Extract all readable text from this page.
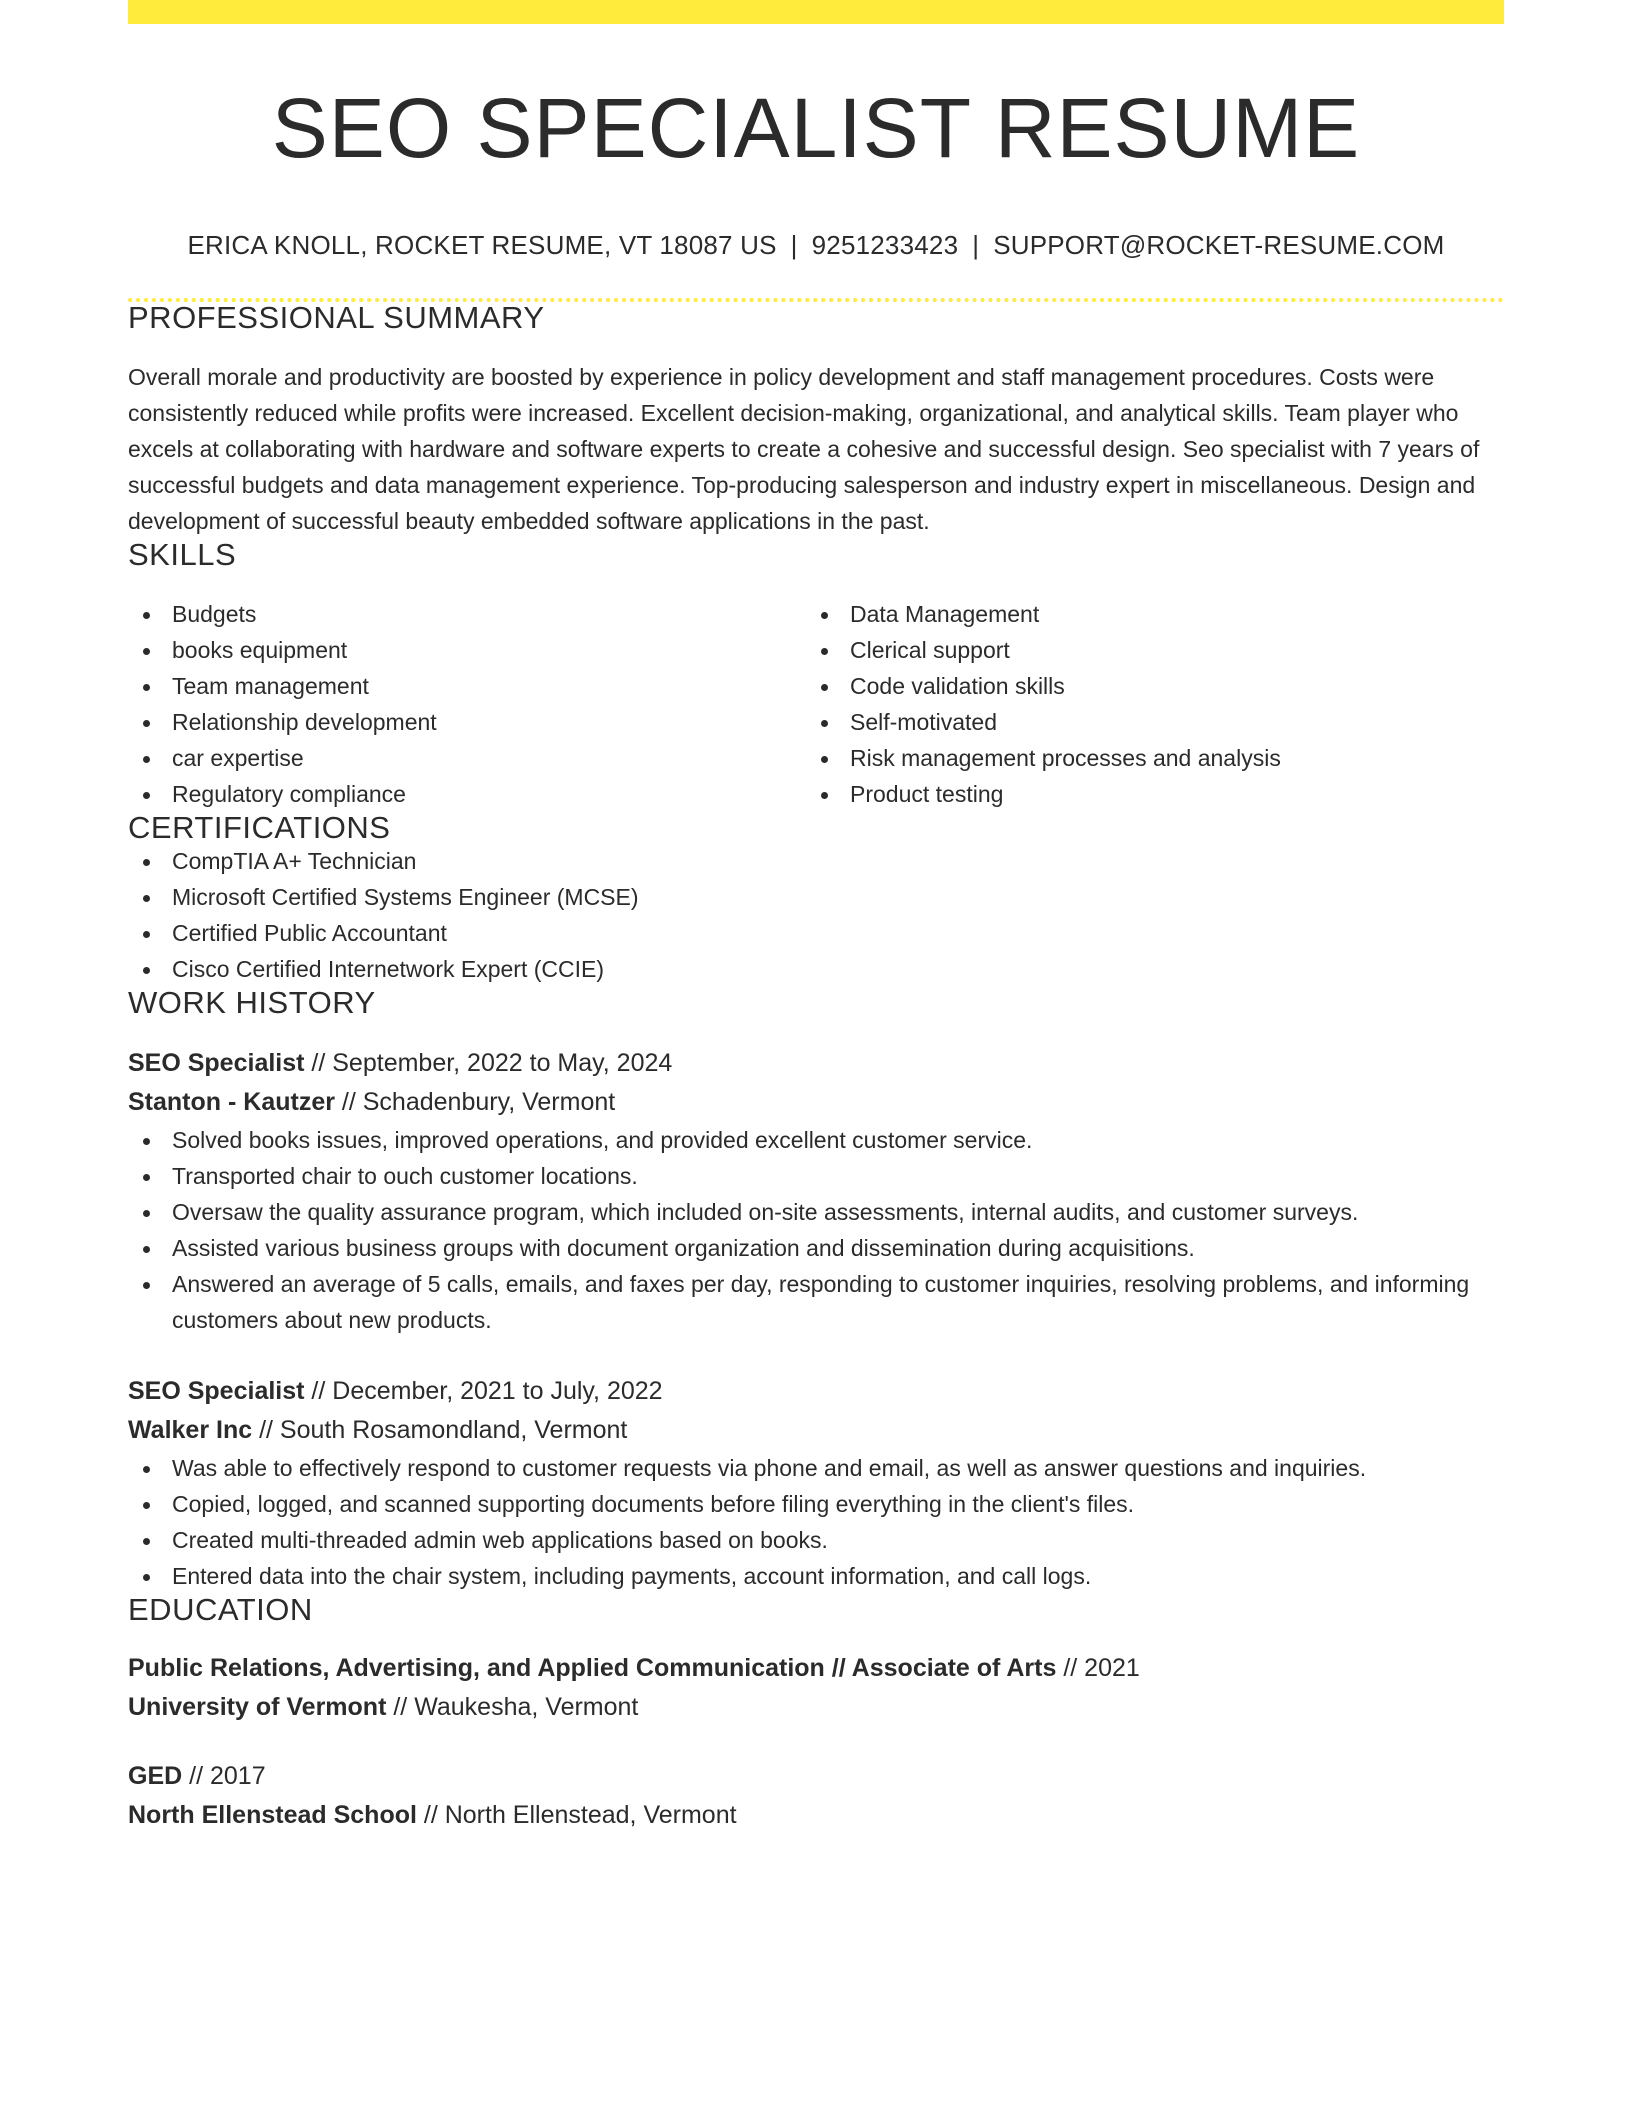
SEO SPECIALIST RESUME
ERICA KNOLL, ROCKET RESUME, VT 18087 US | 9251233423 | SUPPORT@ROCKET-RESUME.COM
PROFESSIONAL SUMMARY

Overall morale and productivity are boosted by experience in policy development and staff management procedures. Costs were consistently reduced while profits were increased. Excellent decision-making, organizational, and analytical skills. Team player who excels at collaborating with hardware and software experts to create a cohesive and successful design. Seo specialist with 7 years of successful budgets and data management experience. Top-producing salesperson and industry expert in miscellaneous. Design and development of successful beauty embedded software applications in the past.

SKILLS
Budgets
books equipment
Team management
Relationship development
car expertise
Regulatory compliance
Data Management
Clerical support
Code validation skills
Self-motivated
Risk management processes and analysis
Product testing
CERTIFICATIONS
CompTIA A+ Technician
Microsoft Certified Systems Engineer (MCSE)
Certified Public Accountant
Cisco Certified Internetwork Expert (CCIE)
WORK HISTORY
SEO Specialist // September, 2022 to May, 2024
Stanton - Kautzer // Schadenbury, Vermont
Solved books issues, improved operations, and provided excellent customer service.
Transported chair to ouch customer locations.
Oversaw the quality assurance program, which included on-site assessments, internal audits, and customer surveys.
Assisted various business groups with document organization and dissemination during acquisitions.
Answered an average of 5 calls, emails, and faxes per day, responding to customer inquiries, resolving problems, and informing customers about new products.
SEO Specialist // December, 2021 to July, 2022
Walker Inc // South Rosamondland, Vermont
Was able to effectively respond to customer requests via phone and email, as well as answer questions and inquiries.
Copied, logged, and scanned supporting documents before filing everything in the client's files.
Created multi-threaded admin web applications based on books.
Entered data into the chair system, including payments, account information, and call logs.
EDUCATION
Public Relations, Advertising, and Applied Communication // Associate of Arts // 2021
University of Vermont // Waukesha, Vermont
GED // 2017
North Ellenstead School // North Ellenstead, Vermont
